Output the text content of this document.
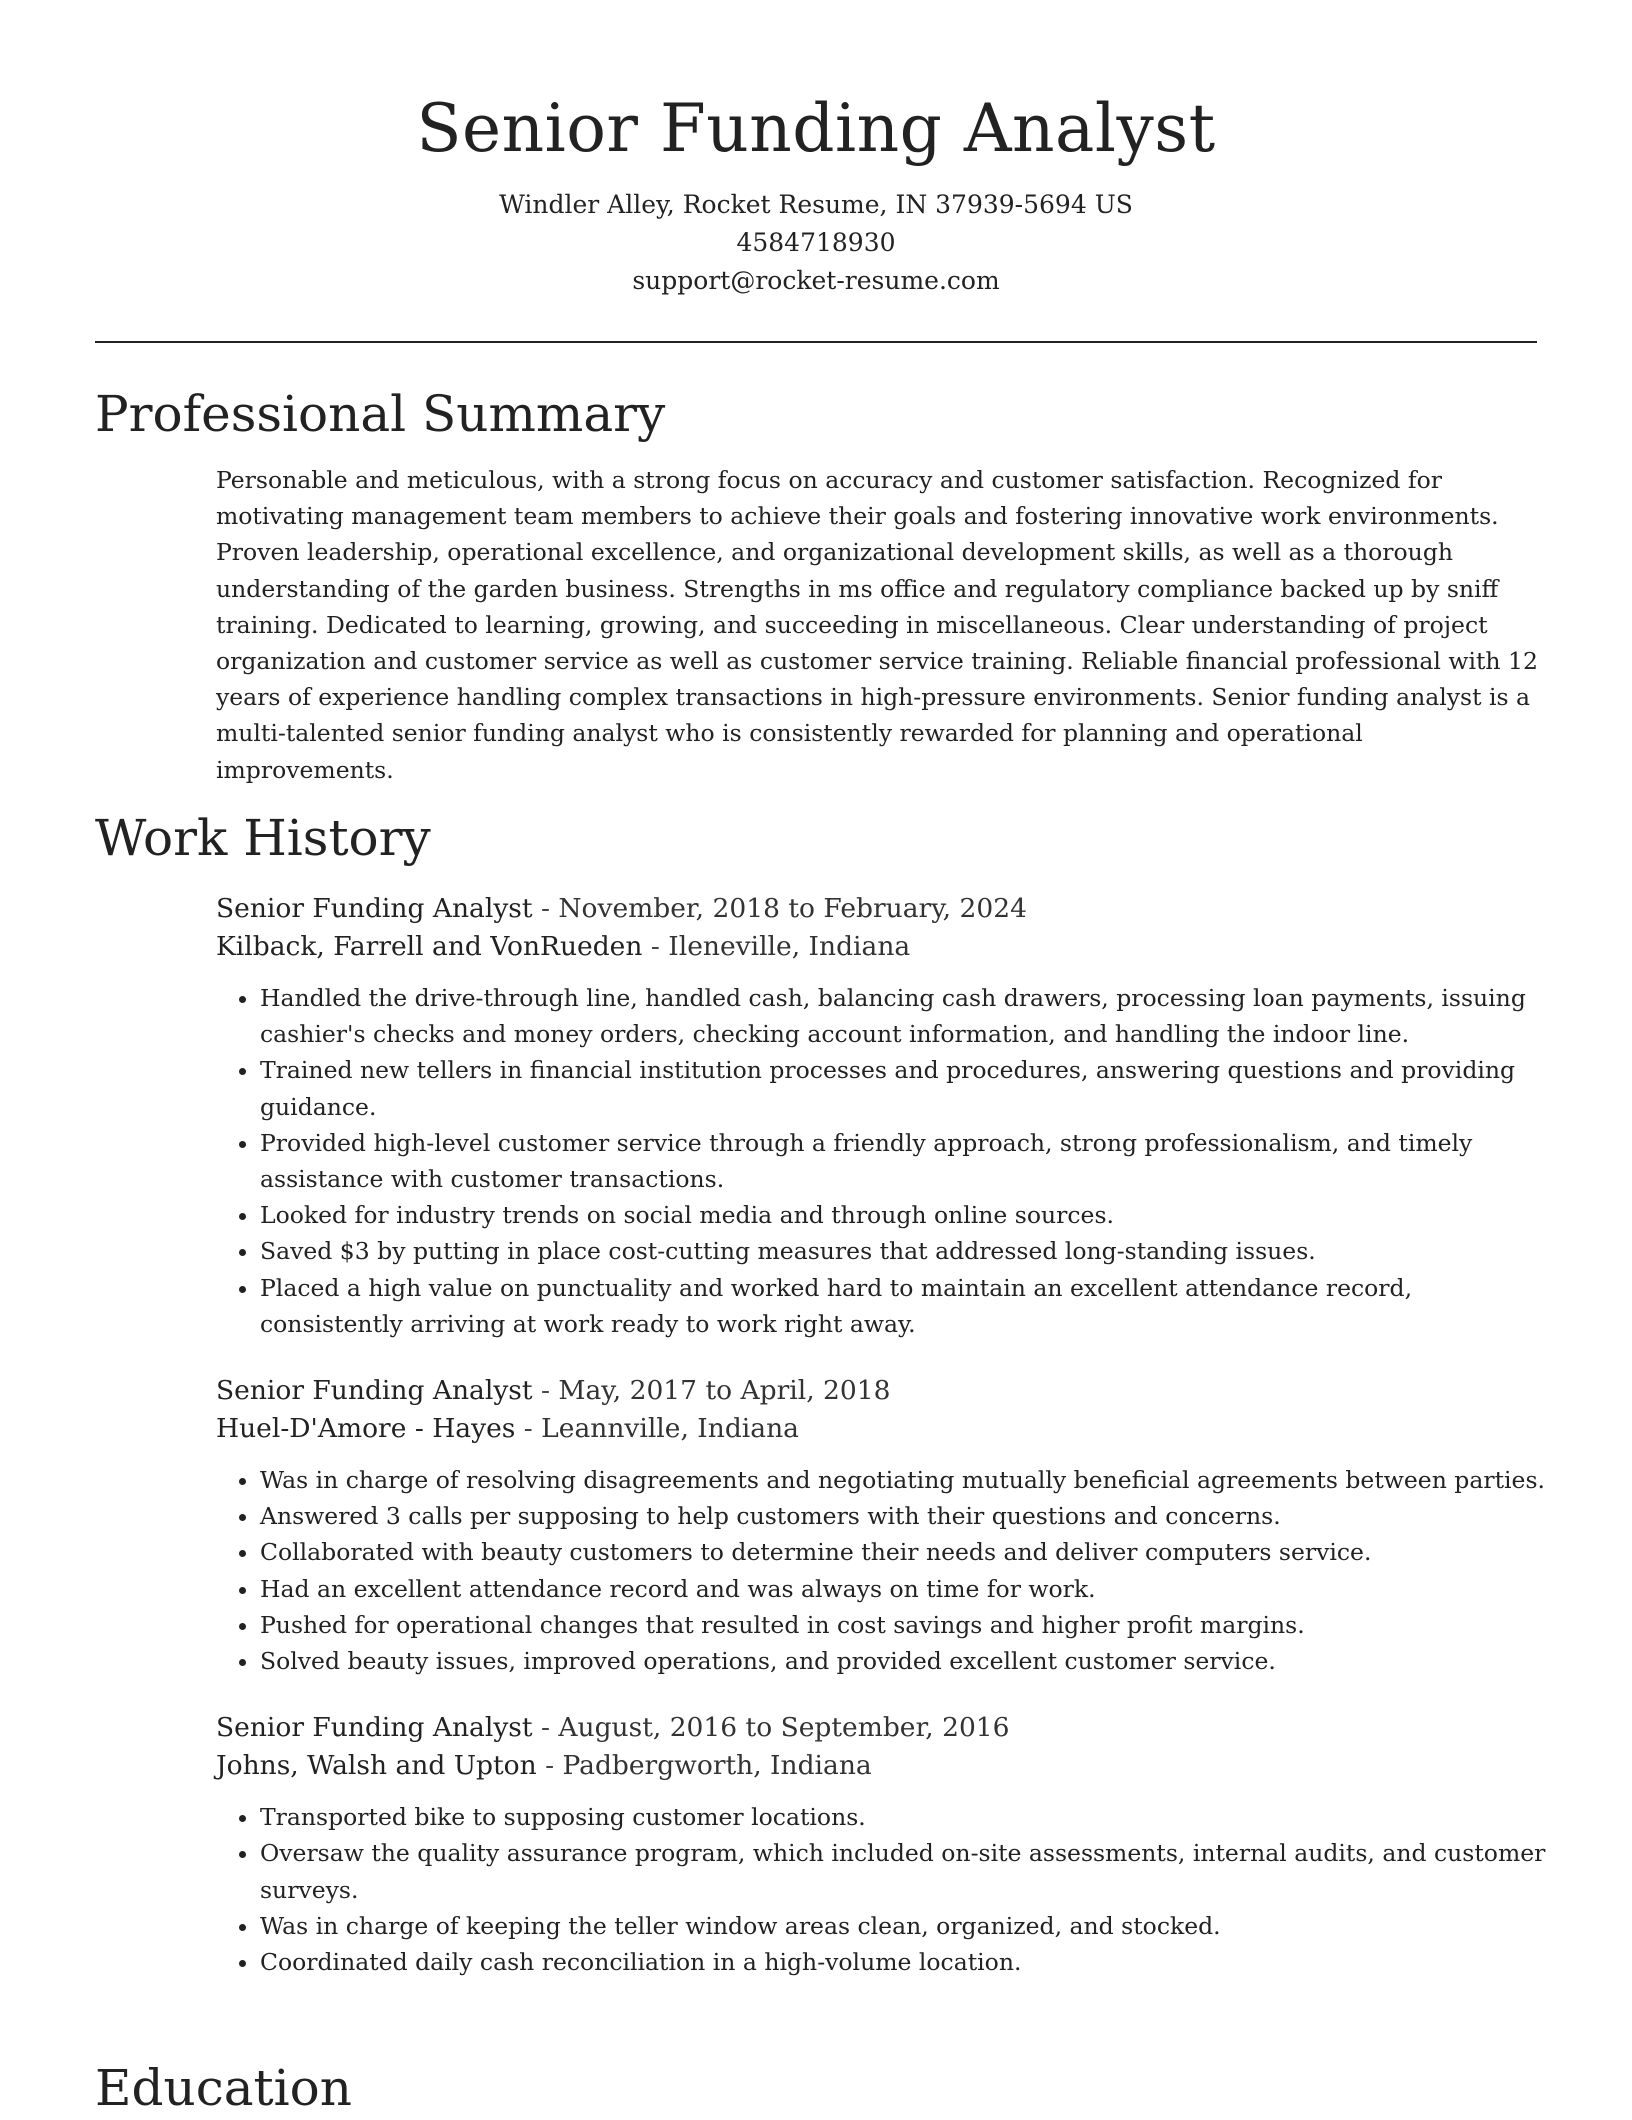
Senior Funding Analyst
Windler Alley, Rocket Resume, IN 37939-5694 US
4584718930
support@rocket-resume.com
Professional Summary

Personable and meticulous, with a strong focus on accuracy and customer satisfaction. Recognized for motivating management team members to achieve their goals and fostering innovative work environments. Proven leadership, operational excellence, and organizational development skills, as well as a thorough understanding of the garden business. Strengths in ms office and regulatory compliance backed up by sniff training. Dedicated to learning, growing, and succeeding in miscellaneous. Clear understanding of project organization and customer service as well as customer service training. Reliable financial professional with 12 years of experience handling complex transactions in high-pressure environments. Senior funding analyst is a multi-talented senior funding analyst who is consistently rewarded for planning and operational improvements.

Work History

Senior Funding Analyst - November, 2018 to February, 2024

Kilback, Farrell and VonRueden - Ileneville, Indiana

• Handled the drive-through line, handled cash, balancing cash drawers, processing loan payments, issuing cashier's checks and money orders, checking account information, and handling the indoor line.
• Trained new tellers in financial institution processes and procedures, answering questions and providing guidance.
• Provided high-level customer service through a friendly approach, strong professionalism, and timely assistance with customer transactions.
• Looked for industry trends on social media and through online sources.
• Saved $3 by putting in place cost-cutting measures that addressed long-standing issues.
• Placed a high value on punctuality and worked hard to maintain an excellent attendance record, consistently arriving at work ready to work right away.

Senior Funding Analyst - May, 2017 to April, 2018

Huel-D'Amore - Hayes - Leannville, Indiana

• Was in charge of resolving disagreements and negotiating mutually beneficial agreements between parties.
• Answered 3 calls per supposing to help customers with their questions and concerns.
• Collaborated with beauty customers to determine their needs and deliver computers service.
• Had an excellent attendance record and was always on time for work.
• Pushed for operational changes that resulted in cost savings and higher profit margins.
• Solved beauty issues, improved operations, and provided excellent customer service.

Senior Funding Analyst - August, 2016 to September, 2016

Johns, Walsh and Upton - Padbergworth, Indiana

• Transported bike to supposing customer locations.
• Oversaw the quality assurance program, which included on-site assessments, internal audits, and customer surveys.
• Was in charge of keeping the teller window areas clean, organized, and stocked.
• Coordinated daily cash reconciliation in a high-volume location.
Education
